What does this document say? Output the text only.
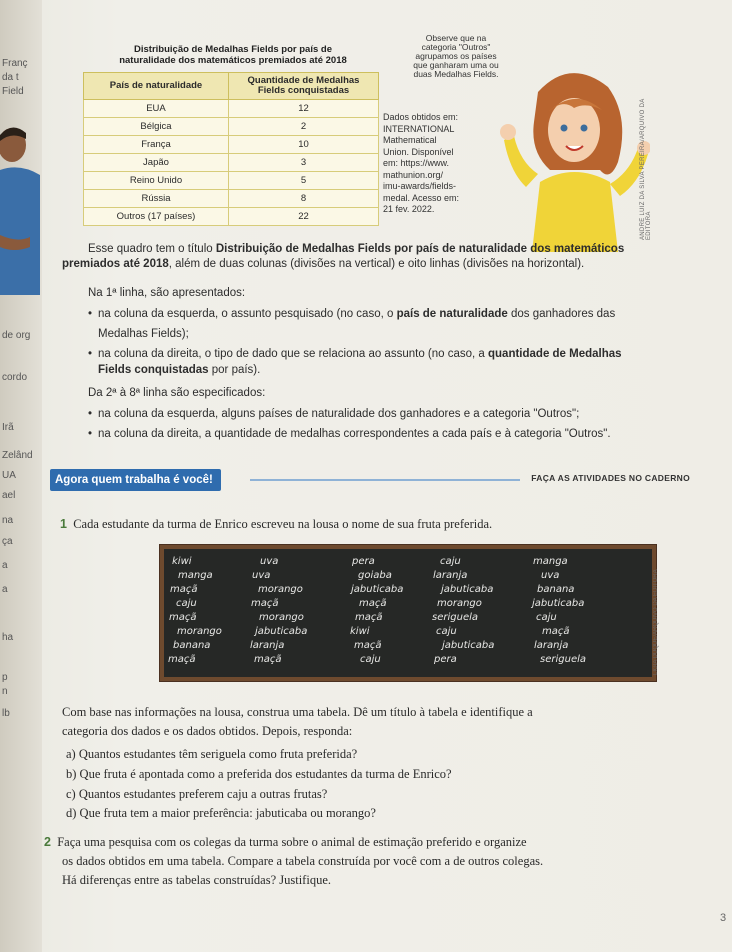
Franç
da t
Field
de org
cordo
Irã
Zelând
UA
ael
na
ça
a
a
ha
p
n
lb
Distribuição de Medalhas Fields por país de
naturalidade dos matemáticos premiados até 2018
País de naturalidade	Quantidade de Medalhas
Fields conquistadas

EUA	12
Bélgica	2
França	10
Japão	3
Reino Unido	5
Rússia	8
Outros (17 países)	22
Observe que na
categoria "Outros"
agrupamos os países
que ganharam uma ou
duas Medalhas Fields.
Dados obtidos em:
INTERNATIONAL
Mathematical
Union. Disponível
em: https://www.
mathunion.org/
imu-awards/fields-
medal. Acesso em:
21 fev. 2022.	ANDRÉ LUIZ DA SILVA PEREIRA/ARQUIVO DA EDITORA
Esse quadro tem o título Distribuição de Medalhas Fields por país de naturalidade dos matemáticos
premiados até 2018, além de duas colunas (divisões na vertical) e oito linhas (divisões na horizontal).
Na 1ª linha, são apresentados:
• na coluna da esquerda, o assunto pesquisado (no caso, o país de naturalidade dos ganhadores das
Medalhas Fields);
• na coluna da direita, o tipo de dado que se relaciona ao assunto (no caso, a quantidade de Medalhas
Fields conquistadas por país).
Da 2ª à 8ª linha são especificados:
• na coluna da esquerda, alguns países de naturalidade dos ganhadores e a categoria "Outros";
• na coluna da direita, a quantidade de medalhas correspondentes a cada país e à categoria "Outros".
Agora quem trabalha é você!	FAÇA AS ATIVIDADES NO CADERNO
1 Cada estudante da turma de Enrico escreveu na lousa o nome de sua fruta preferida.
kiwi	uva	pera	caju	manga
manga	uva	goiaba	laranja	uva
maçã	morango	jabuticaba	jabuticaba	banana
caju	maçã	maçã	morango	jabuticaba
maçã	morango	maçã	seriguela	caju
morango	jabuticaba	kiwi	caju	maçã
banana	laranja	maçã	jabuticaba	laranja
maçã	maçã	caju	pera	seriguela	LIGIA DUQUE/ARQUIVO DA EDITORA
Com base nas informações na lousa, construa uma tabela. Dê um título à tabela e identifique a
categoria dos dados e os dados obtidos. Depois, responda:
a) Quantos estudantes têm seriguela como fruta preferida?
b) Que fruta é apontada como a preferida dos estudantes da turma de Enrico?
c) Quantos estudantes preferem caju a outras frutas?
d) Que fruta tem a maior preferência: jabuticaba ou morango?
2 Faça uma pesquisa com os colegas da turma sobre o animal de estimação preferido e organize
os dados obtidos em uma tabela. Compare a tabela construída por você com a de outros colegas.
Há diferenças entre as tabelas construídas? Justifique.
3
